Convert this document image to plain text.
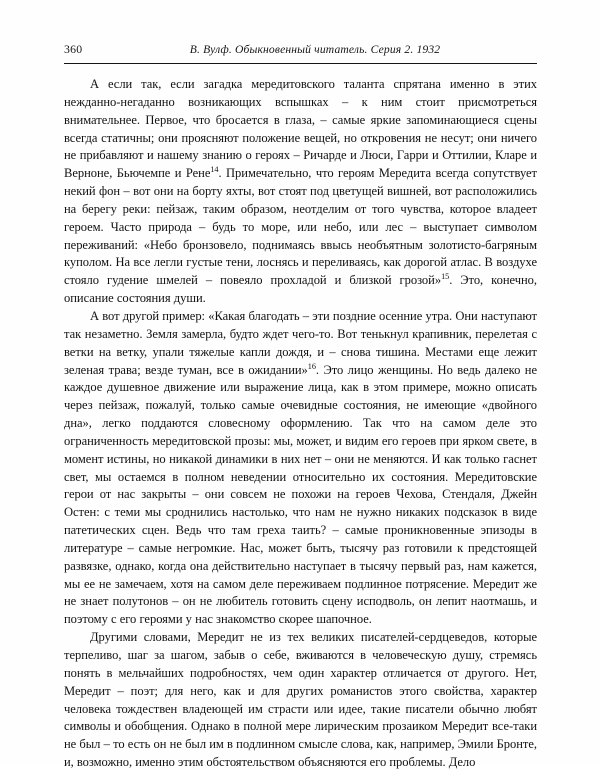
360	В. Вулф. Обыкновенный читатель. Серия 2. 1932

А если так, если загадка мередитовского таланта спрятана именно в этих нежданно-негаданно возникающих вспышках – к ним стоит присмотреться внимательнее. Первое, что бросается в глаза, – самые яркие запоминающиеся сцены всегда статичны; они проясняют положение вещей, но откровения не несут; они ничего не прибавляют и нашему знанию о героях – Ричарде и Люси, Гарри и Оттилии, Кларе и Верноне, Бьючемпе и Рене$^{14}$. Примечательно, что героям Мередита всегда сопутствует некий фон – вот они на борту яхты, вот стоят под цветущей вишней, вот расположились на берегу реки: пейзаж, таким образом, неотделим от того чувства, которое владеет героем. Часто природа – будь то море, или небо, или лес – выступает символом переживаний: «Небо бронзовело, поднимаясь ввысь необъятным золотисто-багряным куполом. На все легли густые тени, лоснясь и переливаясь, как дорогой атлас. В воздухе стояло гудение шмелей – повеяло прохладой и близкой грозой»$^{15}$. Это, конечно, описание состояния души.

А вот другой пример: «Какая благодать – эти поздние осенние утра. Они наступают так незаметно. Земля замерла, будто ждет чего-то. Вот тенькнул крапивник, перелетая с ветки на ветку, упали тяжелые капли дождя, и – снова тишина. Местами еще лежит зеленая трава; везде туман, все в ожидании»$^{16}$. Это лицо женщины. Но ведь далеко не каждое душевное движение или выражение лица, как в этом примере, можно описать через пейзаж, пожалуй, только самые очевидные состояния, не имеющие «двойного дна», легко поддаются словесному оформлению. Так что на самом деле это ограниченность мередитовской прозы: мы, может, и видим его героев при ярком свете, в момент истины, но никакой динамики в них нет – они не меняются. И как только гаснет свет, мы остаемся в полном неведении относительно их состояния. Мередитовские герои от нас закрыты – они совсем не похожи на героев Чехова, Стендаля, Джейн Остен: с теми мы сроднились настолько, что нам не нужно никаких подсказок в виде патетических сцен. Ведь что там греха таить? – самые проникновенные эпизоды в литературе – самые негромкие. Нас, может быть, тысячу раз готовили к предстоящей развязке, однако, когда она действительно наступает в тысячу первый раз, нам кажется, мы ее не замечаем, хотя на самом деле переживаем подлинное потрясение. Мередит же не знает полутонов – он не любитель готовить сцену исподволь, он лепит наотмашь, и поэтому с его героями у нас знакомство скорее шапочное.

Другими словами, Мередит не из тех великих писателей-сердцеведов, которые терпеливо, шаг за шагом, забыв о себе, вживаются в человеческую душу, стремясь понять в мельчайших подробностях, чем один характер отличается от другого. Нет, Мередит – поэт; для него, как и для других романистов этого свойства, характер человека тождествен владеющей им страсти или идее, такие писатели обычно любят символы и обобщения. Однако в полной мере лирическим прозаиком Мередит все-таки не был – то есть он не был им в подлинном смысле слова, как, например, Эмили Бронте, и, возможно, именно этим обстоятельством объясняются его проблемы. Дело
